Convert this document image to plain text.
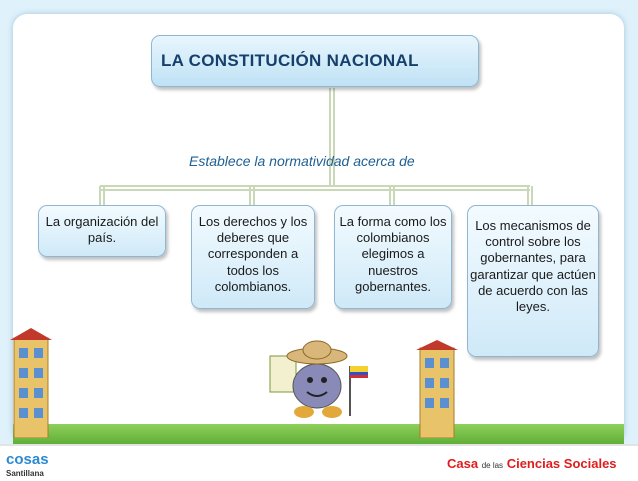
LA CONSTITUCIÓN NACIONAL
Establece la normatividad acerca de
La organización del país.
Los derechos y los deberes que corresponden a todos los colombianos.
La forma como los colombianos elegimos a nuestros gobernantes.
Los mecanismos de control sobre los gobernantes, para garantizar que actúen de acuerdo con las leyes.
cosas
Santillana
Casa de las Ciencias Sociales
